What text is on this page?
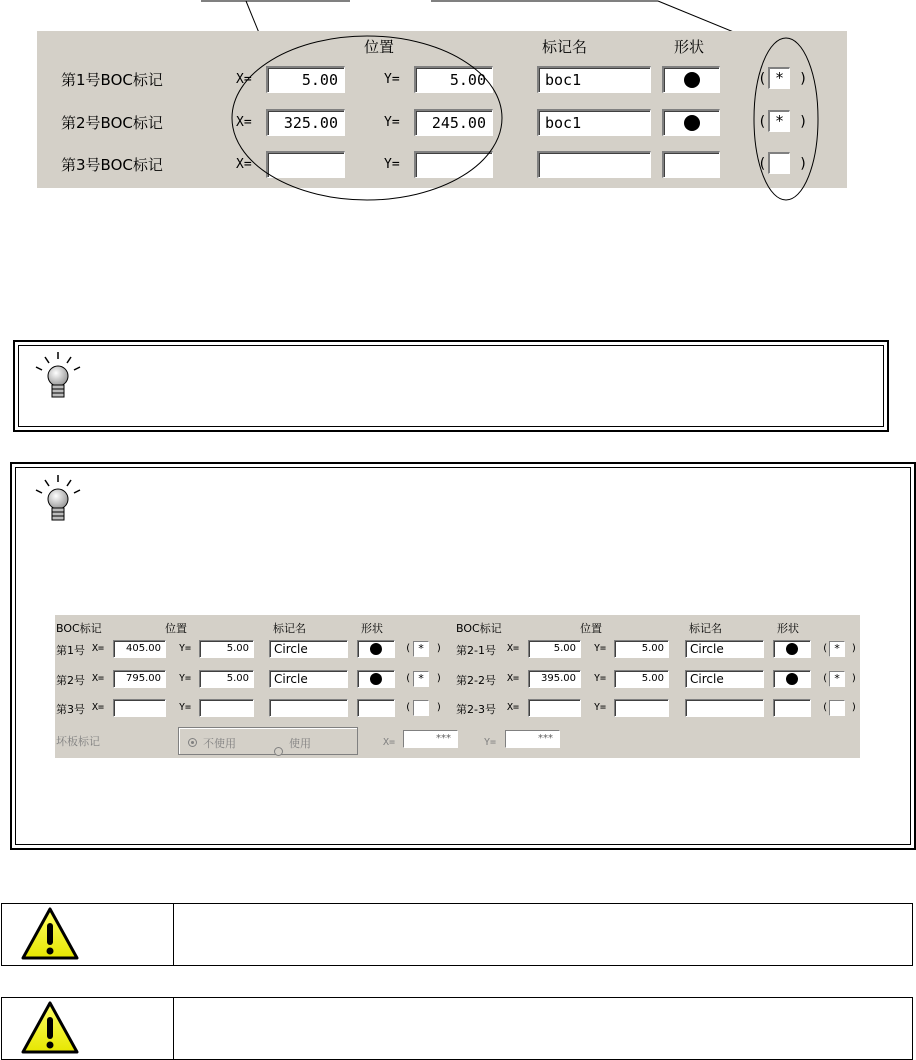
位置	标记名	形状
第1号BOC标记	X=	5.00	Y=	5.00	boc1	( *	)
第2号BOC标记	X=	325.00	Y=	245.00	boc1	( *	)
第3号BOC标记	X=	Y=	( )
BOC标记	位置	标记名	形状	BOC标记	位置	标记名	形状
第1号 X=	405.00	Y=	5.00	Circle	( *	)
第2号 X=	795.00	Y=	5.00	Circle	( *	)
第3号 X=	Y=	( )
第2-1号 X=	5.00	Y=	5.00	Circle	( *	)
第2-2号 X=	395.00	Y=	5.00	Circle	( *	)
第2-3号 X=	Y=	( )
坏板标记	不使用	使用	X=	***	Y=	***
